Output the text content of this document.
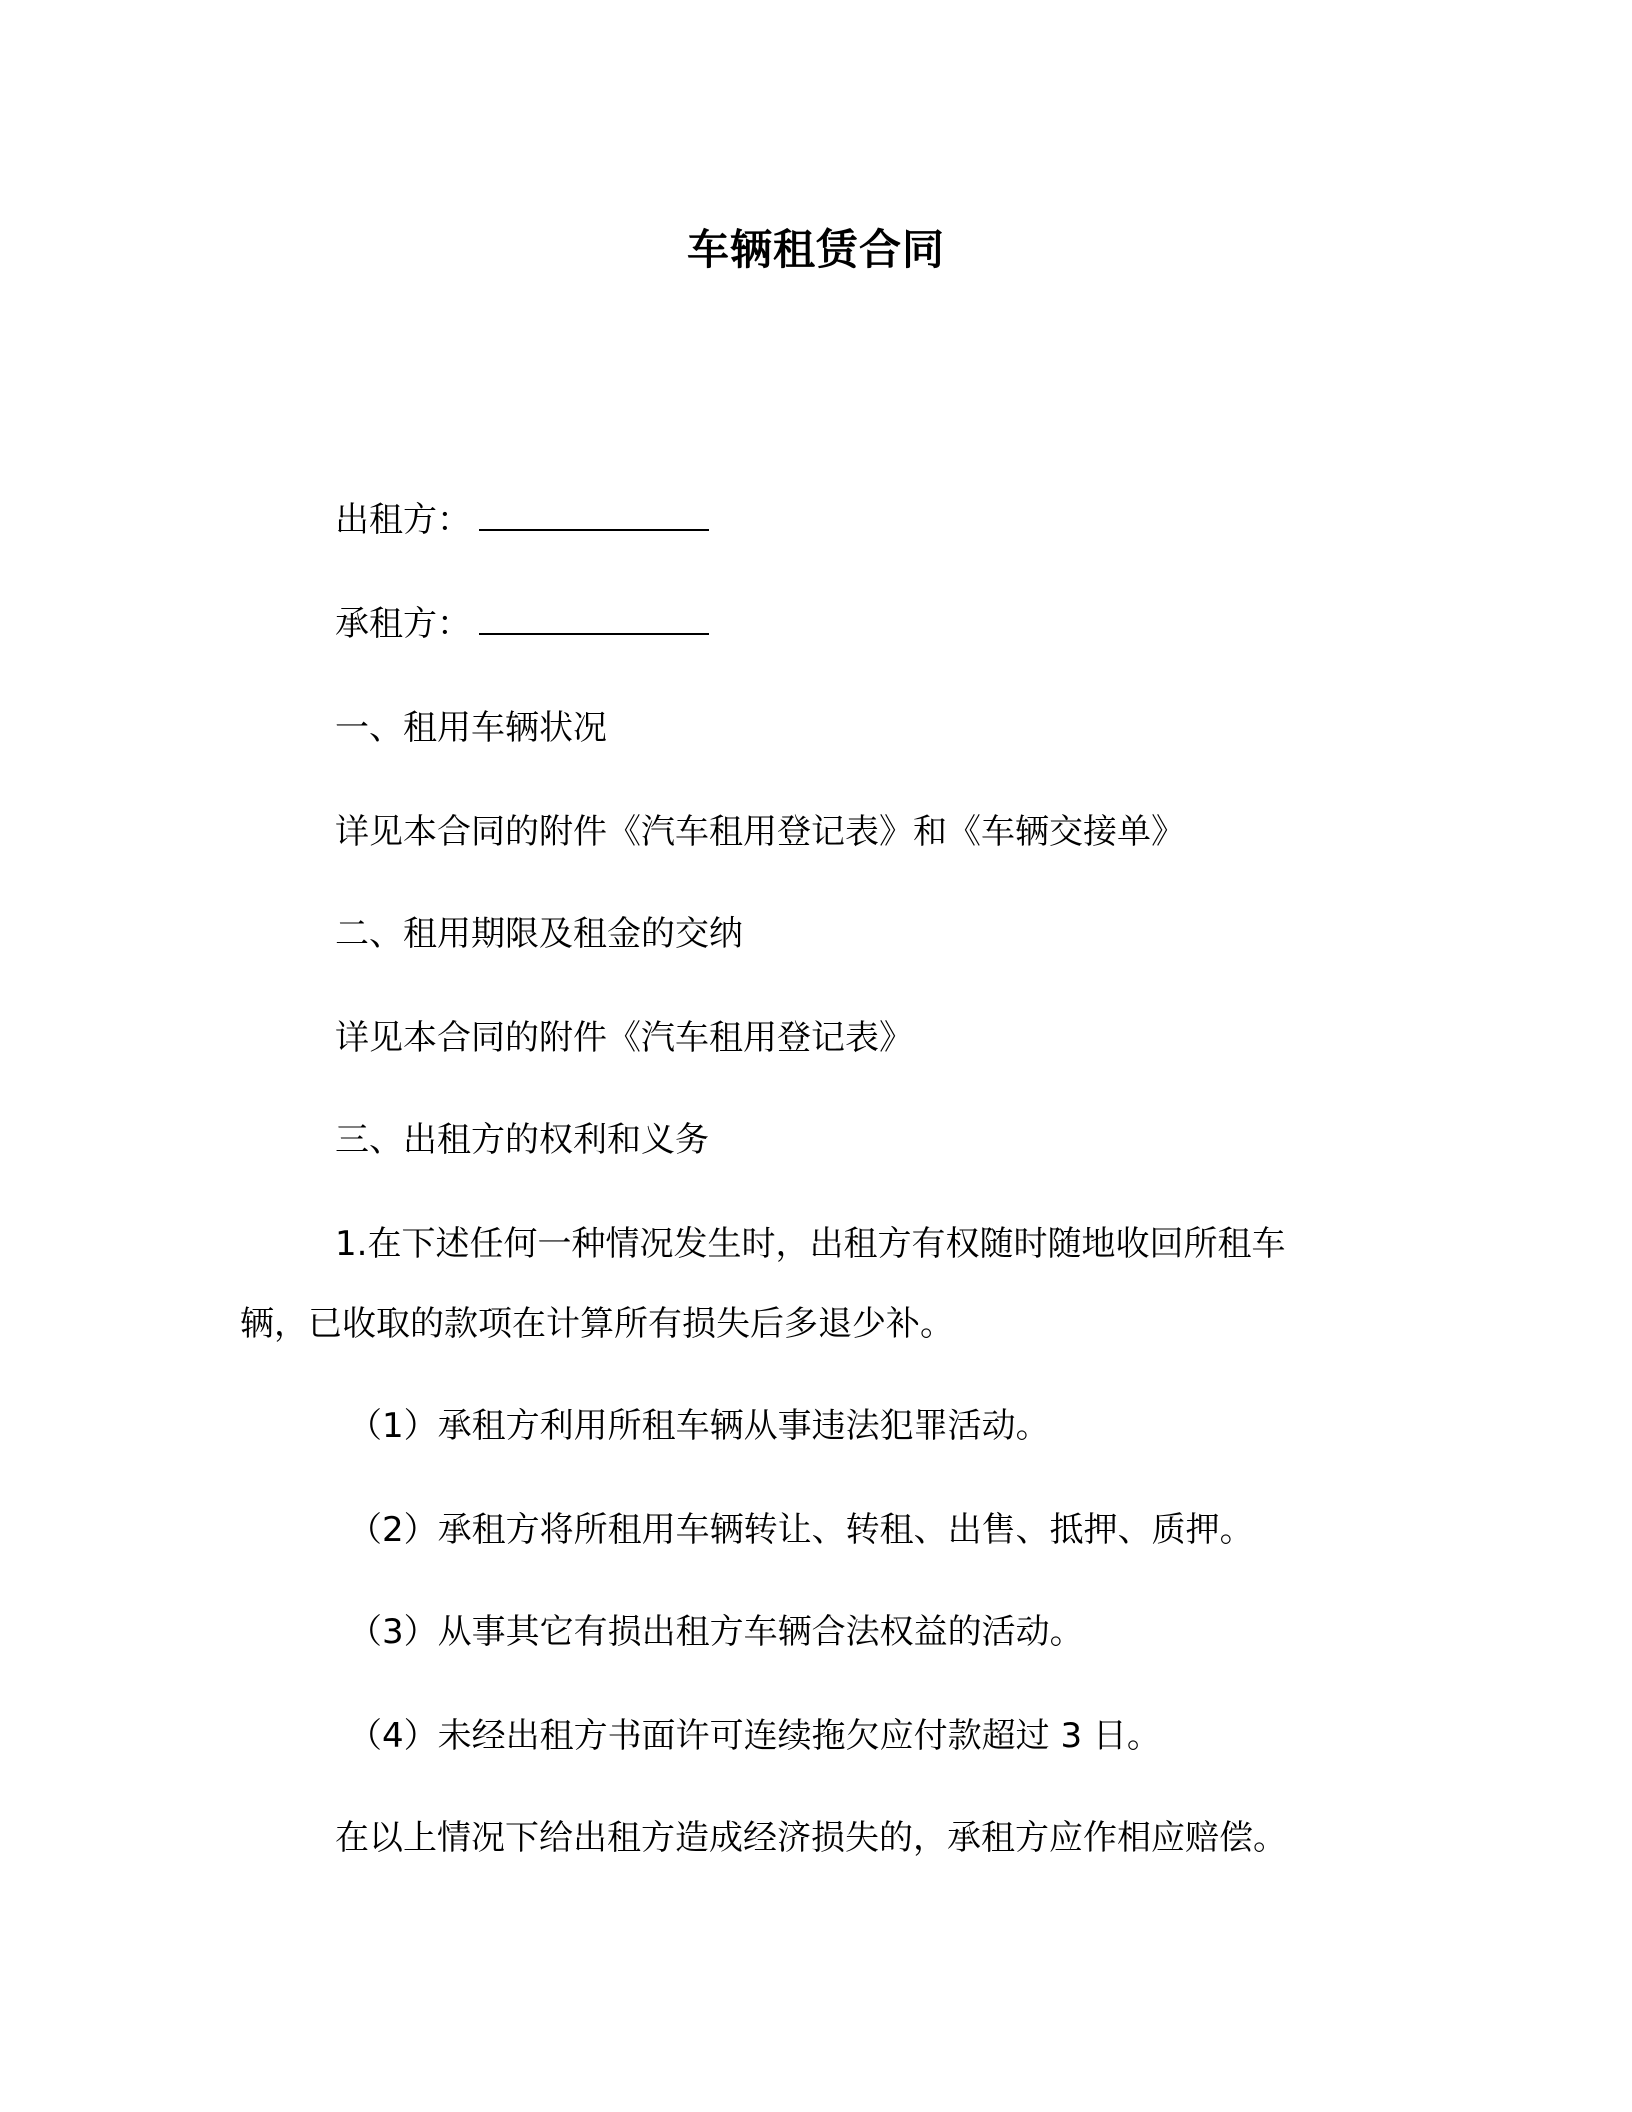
车辆租赁合同
出租方：
承租方：
一、租用车辆状况
详见本合同的附件《汽车租用登记表》和《车辆交接单》
二、租用期限及租金的交纳
详见本合同的附件《汽车租用登记表》
三、出租方的权利和义务
1.在下述任何一种情况发生时，出租方有权随时随地收回所租车
辆，已收取的款项在计算所有损失后多退少补。
（1）承租方利用所租车辆从事违法犯罪活动。
（2）承租方将所租用车辆转让、转租、出售、抵押、质押。
（3）从事其它有损出租方车辆合法权益的活动。
（4）未经出租方书面许可连续拖欠应付款超过 3 日。
在以上情况下给出租方造成经济损失的，承租方应作相应赔偿。
